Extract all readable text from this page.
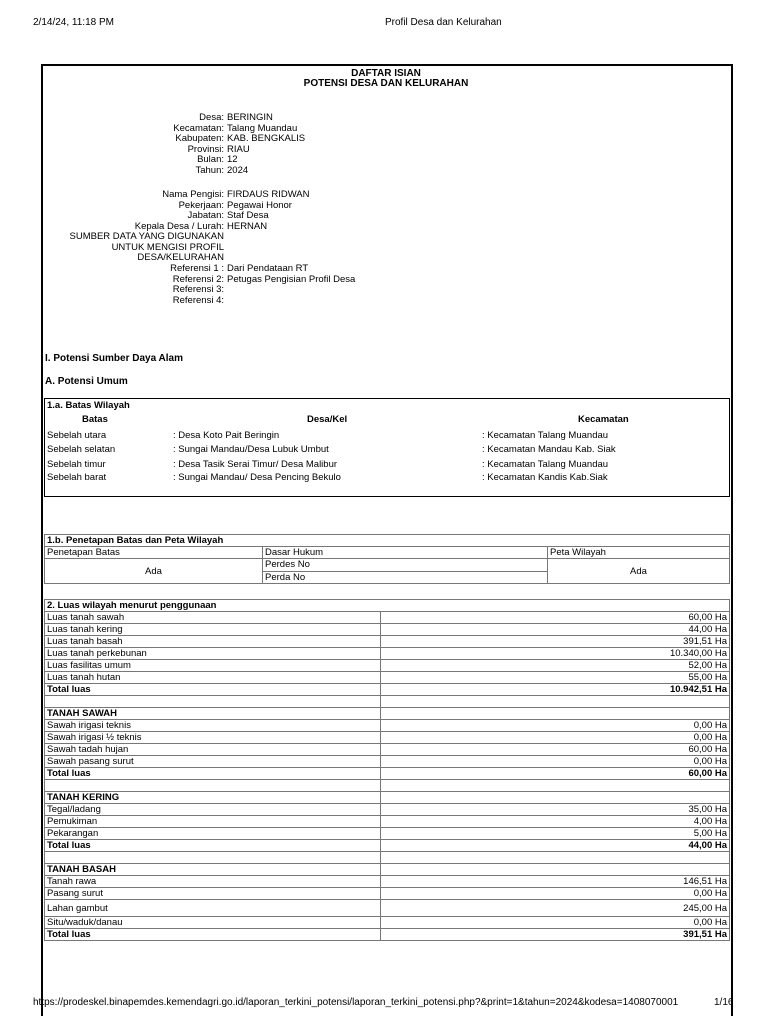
2/14/24, 11:18 PM	Profil Desa dan Kelurahan
https://prodeskel.binapemdes.kemendagri.go.id/laporan_terkini_potensi/laporan_terkini_potensi.php?&print=1&tahun=2024&kodesa=1408070001	1/16
DAFTAR ISIAN
POTENSI DESA DAN KELURAHAN
Desa: BERINGIN
Kecamatan: Talang Muandau
Kabupaten: KAB. BENGKALIS
Provinsi: RIAU
Bulan: 12
Tahun: 2024
Nama Pengisi: FIRDAUS RIDWAN
Pekerjaan: Pegawai Honor
Jabatan: Staf Desa
Kepala Desa / Lurah: HERNAN
SUMBER DATA YANG DIGUNAKAN
UNTUK MENGISI PROFIL
DESA/KELURAHAN
Referensi 1 : Dari Pendataan RT
Referensi 2: Petugas Pengisian Profil Desa
Referensi 3:
Referensi 4:
I. Potensi Sumber Daya Alam
A. Potensi Umum
1.a. Batas Wilayah
Batas	Desa/Kel	Kecamatan
Sebelah utara	: Desa Koto Pait Beringin	: Kecamatan Talang Muandau
Sebelah selatan	: Sungai Mandau/Desa Lubuk Umbut	: Kecamatan Mandau Kab. Siak
Sebelah timur	: Desa Tasik Serai Timur/ Desa Malibur	: Kecamatan Talang Muandau
Sebelah barat	: Sungai Mandau/ Desa Pencing Bekulo	: Kecamatan Kandis Kab.Siak
1.b. Penetapan Batas dan Peta Wilayah		
Penetapan Batas	Dasar Hukum	Peta Wilayah
Ada	Perdes No	Ada
	Perda No	
2. Luas wilayah menurut penggunaan	
Luas tanah sawah	60,00 Ha
Luas tanah kering	44,00 Ha
Luas tanah basah	391,51 Ha
Luas tanah perkebunan	10.340,00 Ha
Luas fasilitas umum	52,00 Ha
Luas tanah hutan	55,00 Ha
Total luas	10.942,51 Ha

TANAH SAWAH	
Sawah irigasi teknis	0,00 Ha
Sawah irigasi ½ teknis	0,00 Ha
Sawah tadah hujan	60,00 Ha
Sawah pasang surut	0,00 Ha
Total luas	60,00 Ha

TANAH KERING	
Tegal/ladang	35,00 Ha
Pemukiman	4,00 Ha
Pekarangan	5,00 Ha
Total luas	44,00 Ha

TANAH BASAH	
Tanah rawa	146,51 Ha
Pasang surut	0,00 Ha
Lahan gambut	245,00 Ha
Situ/waduk/danau	0,00 Ha
Total luas	391,51 Ha
